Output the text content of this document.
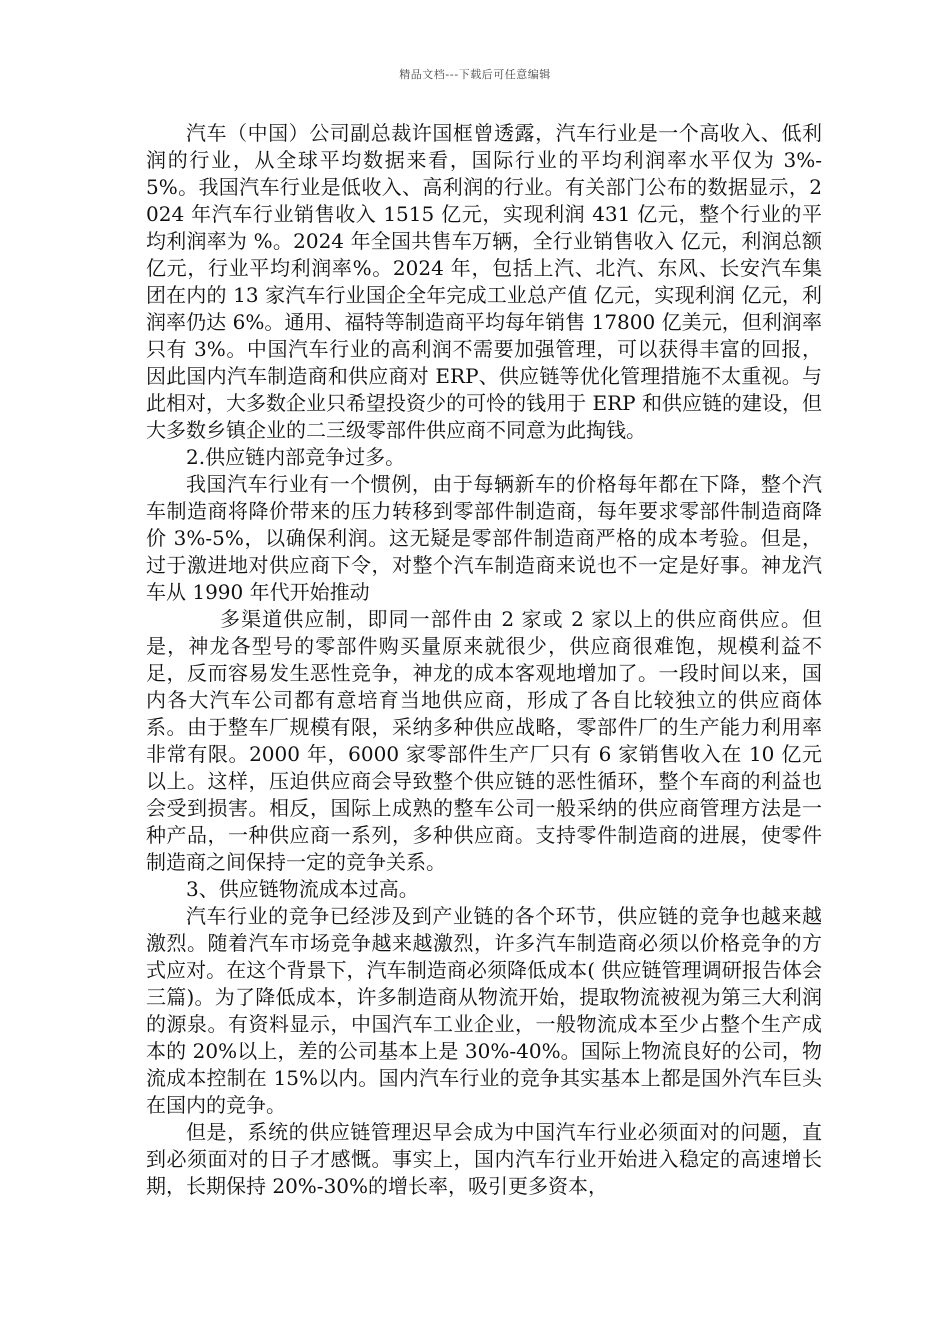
精品文档---下载后可任意编辑

汽车（中国）公司副总裁许国框曾透露，汽车行业是一个高收入、低利润的行业，从全球平均数据来看，国际行业的平均利润率水平仅为 3%-5%。我国汽车行业是低收入、高利润的行业。有关部门公布的数据显示，2024 年汽车行业销售收入 1515 亿元，实现利润 431 亿元，整个行业的平均利润率为 %。2024 年全国共售车万辆，全行业销售收入 亿元，利润总额 亿元，行业平均利润率%。2024 年，包括上汽、北汽、东风、长安汽车集团在内的 13 家汽车行业国企全年完成工业总产值 亿元，实现利润 亿元，利润率仍达 6%。通用、福特等制造商平均每年销售 17800 亿美元，但利润率只有 3%。中国汽车行业的高利润不需要加强管理，可以获得丰富的回报，因此国内汽车制造商和供应商对 ERP、供应链等优化管理措施不太重视。与此相对，大多数企业只希望投资少的可怜的钱用于 ERP 和供应链的建设，但大多数乡镇企业的二三级零部件供应商不同意为此掏钱。

2.供应链内部竞争过多。

我国汽车行业有一个惯例，由于每辆新车的价格每年都在下降，整个汽车制造商将降价带来的压力转移到零部件制造商，每年要求零部件制造商降价 3%-5%，以确保利润。这无疑是零部件制造商严格的成本考验。但是，过于激进地对供应商下令，对整个汽车制造商来说也不一定是好事。神龙汽车从 1990 年代开始推动

多渠道供应制，即同一部件由 2 家或 2 家以上的供应商供应。但是，神龙各型号的零部件购买量原来就很少，供应商很难饱，规模利益不足，反而容易发生恶性竞争，神龙的成本客观地增加了。一段时间以来，国内各大汽车公司都有意培育当地供应商，形成了各自比较独立的供应商体系。由于整车厂规模有限，采纳多种供应战略，零部件厂的生产能力利用率非常有限。2000 年，6000 家零部件生产厂只有 6 家销售收入在 10 亿元以上。这样，压迫供应商会导致整个供应链的恶性循环，整个车商的利益也会受到损害。相反，国际上成熟的整车公司一般采纳的供应商管理方法是一种产品，一种供应商一系列，多种供应商。支持零件制造商的进展，使零件制造商之间保持一定的竞争关系。

3、供应链物流成本过高。

汽车行业的竞争已经涉及到产业链的各个环节，供应链的竞争也越来越激烈。随着汽车市场竞争越来越激烈，许多汽车制造商必须以价格竞争的方式应对。在这个背景下，汽车制造商必须降低成本( 供应链管理调研报告体会三篇)。为了降低成本，许多制造商从物流开始，提取物流被视为第三大利润的源泉。有资料显示，中国汽车工业企业，一般物流成本至少占整个生产成本的 20%以上，差的公司基本上是 30%-40%。国际上物流良好的公司，物流成本控制在 15%以内。国内汽车行业的竞争其实基本上都是国外汽车巨头在国内的竞争。

但是，系统的供应链管理迟早会成为中国汽车行业必须面对的问题，直到必须面对的日子才感慨。事实上，国内汽车行业开始进入稳定的高速增长期，长期保持 20%-30%的增长率，吸引更多资本，
